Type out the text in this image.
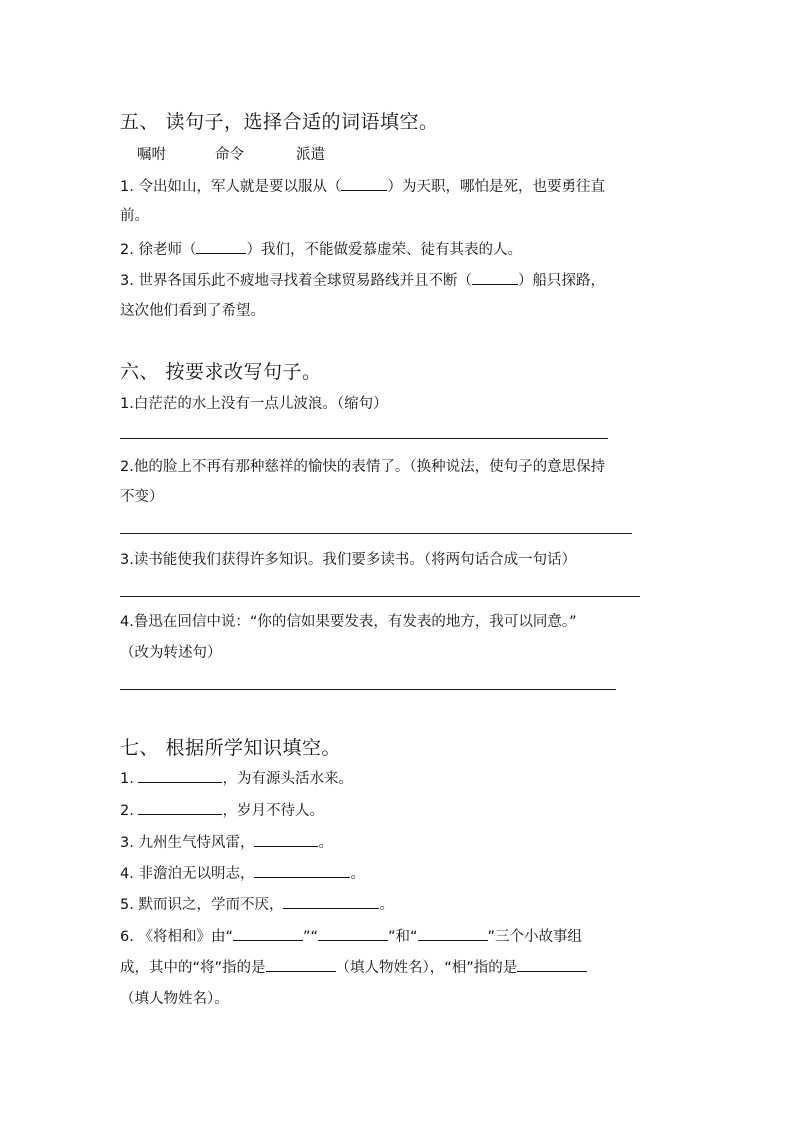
五、 读句子，选择合适的词语填空。
嘱咐	命令	派遣
1. 令出如山，军人就是要以服从（	）为天职，哪怕是死，也要勇往直
前。
2. 徐老师（	）我们，不能做爱慕虚荣、徒有其表的人。
3. 世界各国乐此不疲地寻找着全球贸易路线并且不断（	）船只探路，
这次他们看到了希望。
六、 按要求改写句子。
1.白茫茫的水上没有一点儿波浪。（缩句）
2.他的脸上不再有那种慈祥的愉快的表情了。（换种说法，使句子的意思保持
不变）
3.读书能使我们获得许多知识。我们要多读书。（将两句话合成一句话）
4.鲁迅在回信中说：“你的信如果要发表，有发表的地方，我可以同意。”
（改为转述句）
七、 根据所学知识填空。
1.	，为有源头活水来。
2.	，岁月不待人。
3. 九州生气恃风雷，	。
4. 非澹泊无以明志，	。
5. 默而识之，学而不厌，	。
6. 《将相和》由“	”“	”和“	”三个小故事组
成，其中的“将”指的是	（填人物姓名），“相”指的是
（填人物姓名）。
